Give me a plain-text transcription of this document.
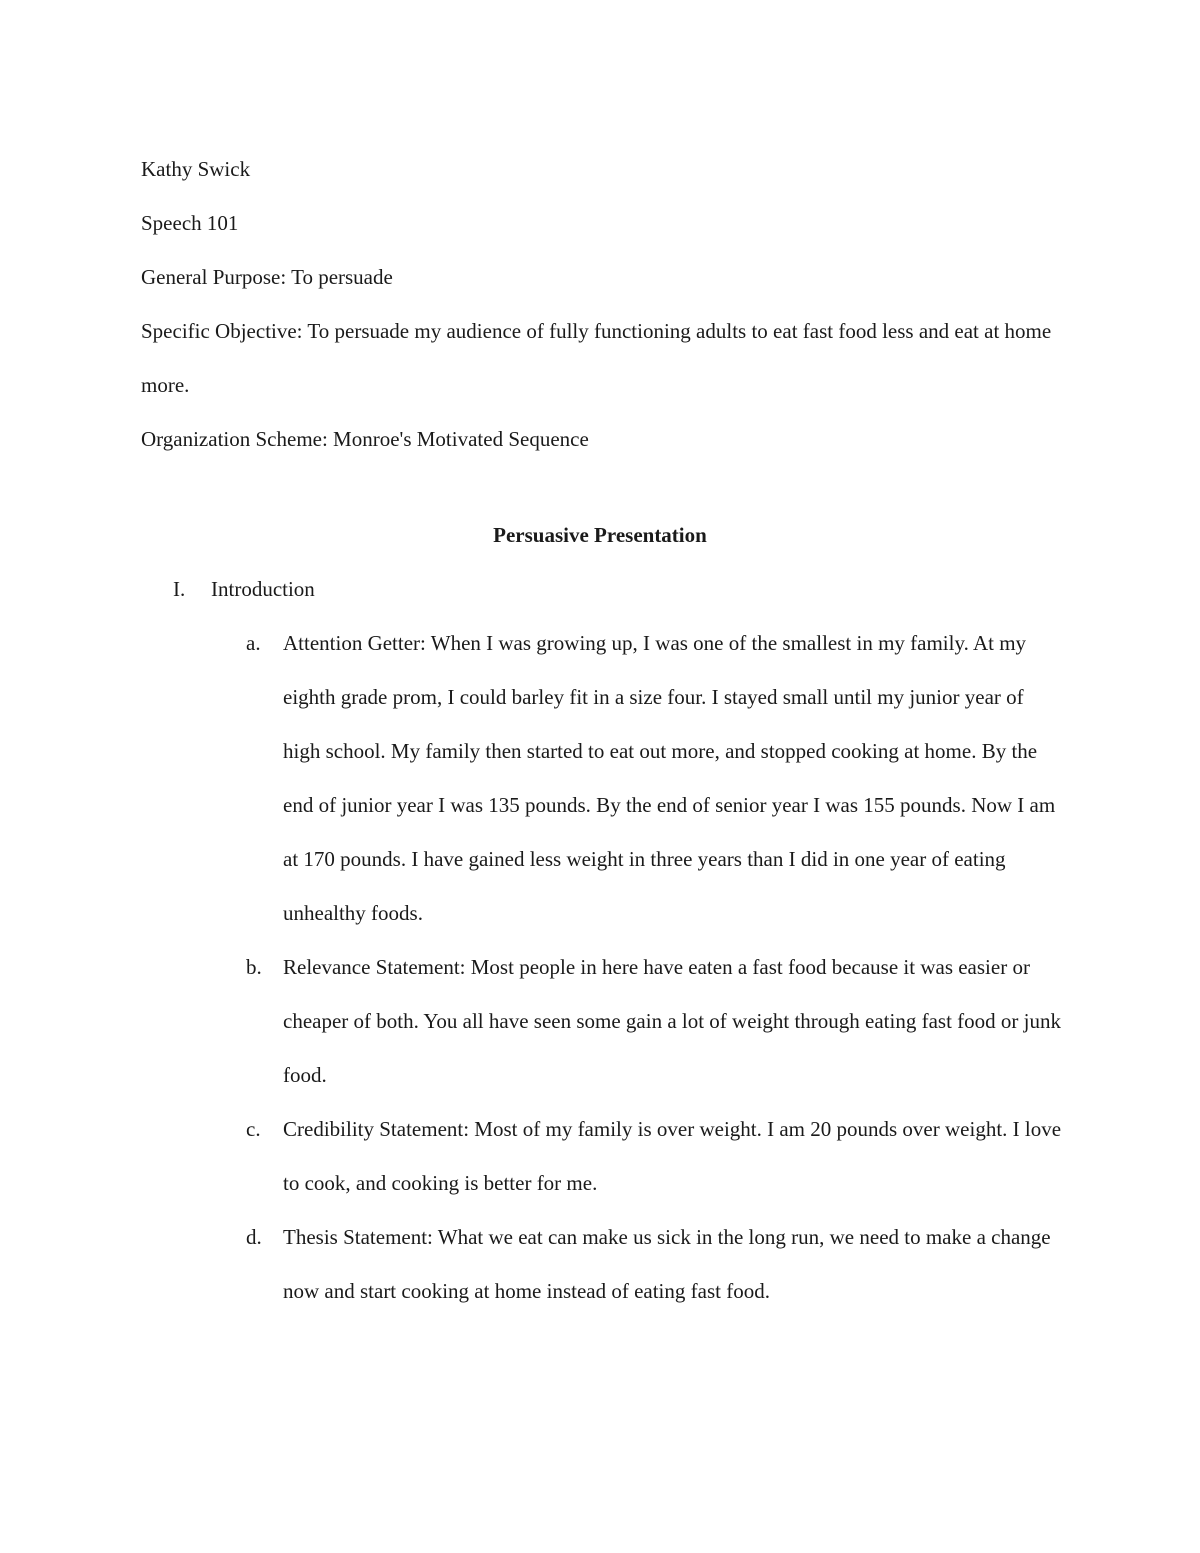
Kathy Swick
Speech 101
General Purpose: To persuade
Specific Objective: To persuade my audience of fully functioning adults to eat fast food less and eat at home more.
Organization Scheme: Monroe's Motivated Sequence
Persuasive Presentation
I. Introduction
a. Attention Getter: When I was growing up, I was one of the smallest in my family. At my eighth grade prom, I could barley fit in a size four. I stayed small until my junior year of high school. My family then started to eat out more, and stopped cooking at home. By the end of junior year I was 135 pounds. By the end of senior year I was 155 pounds. Now I am at 170 pounds. I have gained less weight in three years than I did in one year of eating unhealthy foods.
b. Relevance Statement: Most people in here have eaten a fast food because it was easier or cheaper of both. You all have seen some gain a lot of weight through eating fast food or junk food.
c. Credibility Statement: Most of my family is over weight. I am 20 pounds over weight. I love to cook, and cooking is better for me.
d. Thesis Statement: What we eat can make us sick in the long run, we need to make a change now and start cooking at home instead of eating fast food.
